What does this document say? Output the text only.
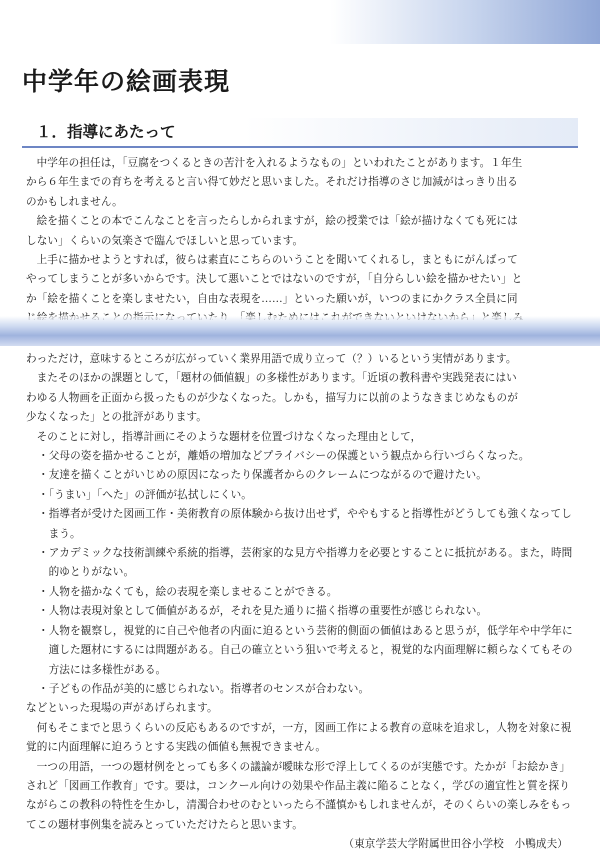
中学年の絵画表現
１．指導にあたって

中学年の担任は，「豆腐をつくるときの苦汁を入れるようなもの」といわれたことがあります。１年生

から６年生までの育ちを考えると言い得て妙だと思いました。それだけ指導のさじ加減がはっきり出る

のかもしれません。

絵を描くことの本でこんなことを言ったらしかられますが，絵の授業では「絵が描けなくても死には

しない」くらいの気楽さで臨んでほしいと思っています。

上手に描かせようとすれば，彼らは素直にこちらのいうことを聞いてくれるし，まともにがんばって

やってしまうことが多いからです。決して悪いことではないのですが，「自分らしい絵を描かせたい」と

か「絵を描くことを楽しませたい，自由な表現を……」といった願いが，いつのまにかクラス全員に同

わっただけ，意味するところが広がっていく業界用語で成り立って（？）いるという実情があります。

またそのほかの課題として，「題材の価値観」の多様性があります。「近頃の教科書や実践発表にはい

わゆる人物画を正面から扱ったものが少なくなった。しかも，描写力に以前のようなきまじめなものが

少なくなった」との批評があります。

そのことに対し，指導計画にそのような題材を位置づけなくなった理由として，

・ 父母の姿を描かせることが，離婚の増加などプライバシーの保護という観点から行いづらくなった。
・ 友達を描くことがいじめの原因になったり保護者からのクレームにつながるので避けたい。
・ 「うまい」「へた」の評価が払拭しにくい。
・ 指導者が受けた図画工作・美術教育の原体験から抜け出せず，ややもすると指導性がどうしても強くなってしまう。
・ アカデミックな技術訓練や系統的指導，芸術家的な見方や指導力を必要とすることに抵抗がある。また，時間的ゆとりがない。
・ 人物を描かなくても，絵の表現を楽しませることができる。
・ 人物は表現対象として価値があるが，それを見た通りに描く指導の重要性が感じられない。
・ 人物を観察し，視覚的に自己や他者の内面に迫るという芸術的側面の価値はあると思うが，低学年や中学年に適した題材にするには問題がある。自己の確立という狙いで考えると，視覚的な内面理解に頼らなくてもその方法には多様性がある。
・ 子どもの作品が美的に感じられない。指導者のセンスが合わない。

などといった現場の声があげられます。

何もそこまでと思うくらいの反応もあるのですが，一方，図画工作による教育の意味を追求し，人物を対象に視覚的に内面理解に迫ろうとする実践の価値も無視できません。

一つの用語，一つの題材例をとっても多くの議論が曖昧な形で浮上してくるのが実態です。たかが「お絵かき」されど「図画工作教育」です。要は，コンクール向けの効果や作品主義に陥ることなく，学びの適宜性と質を探りながらこの教科の特性を生かし，清濁合わせのむといったら不謹慎かもしれませんが，そのくらいの楽しみをもってこの題材事例集を読みとっていただけたらと思います。

（東京学芸大学附属世田谷小学校　小鴨成夫）
